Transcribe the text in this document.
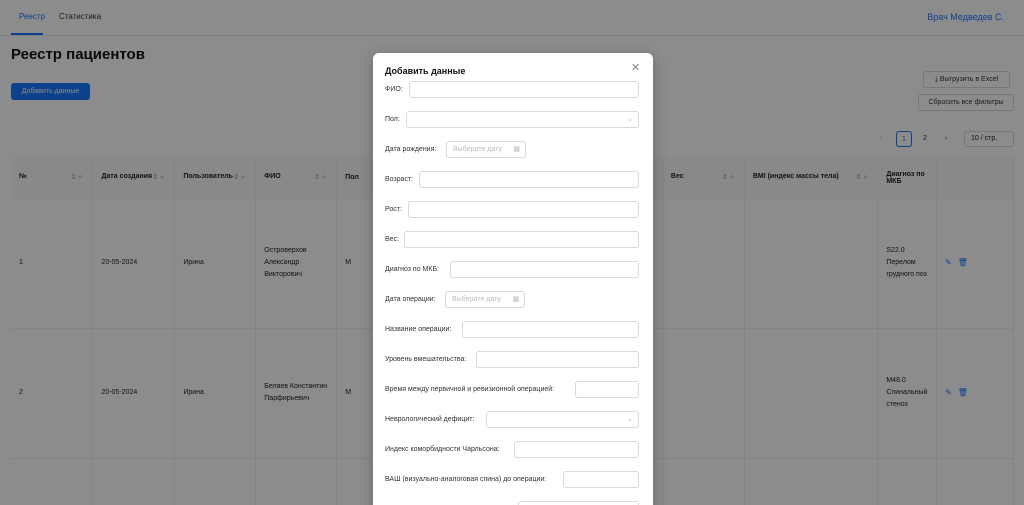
Реестр Статистика	Врач Медведев С.
Реестр пациентов
Добавить данные
⤓ Выгрузить в Excel
Сбросить все фильтры
‹	1	2	›	10 / стр.
№ ⇕⌕	Дата создания ⇕⌕	Пользователь ⇕⌕	ФИО ⇕⌕	Пол	Вес ⇕⌕	BMI (индекс массы тела) ⇕⌕	Диагноз по МКБ	
1	20-05-2024	Ирина	Островерхов Александр Викторович	М			S22.0 Перелом грудного поз	✎ 🗑
2	20-05-2024	Ирина	Беляев Константин Парфирьевич	М			M48.0 Спинальный стеноз	✎ 🗑

Добавить данные	✕
ФИО:
Пол:	⌄
Дата рождения:	Выберите дату ▦
Возраст:
Рост:
Вес:
Диагноз по МКБ:
Дата операции:	Выберите дату ▦
Название операции:
Уровень вмешательства:
Время между первичной и ревизионной операцией:
Неврологический дефицит:	⌄
Индекс коморбидности Чарльсона:
ВАШ (визуально-аналоговая спина) до операции:
